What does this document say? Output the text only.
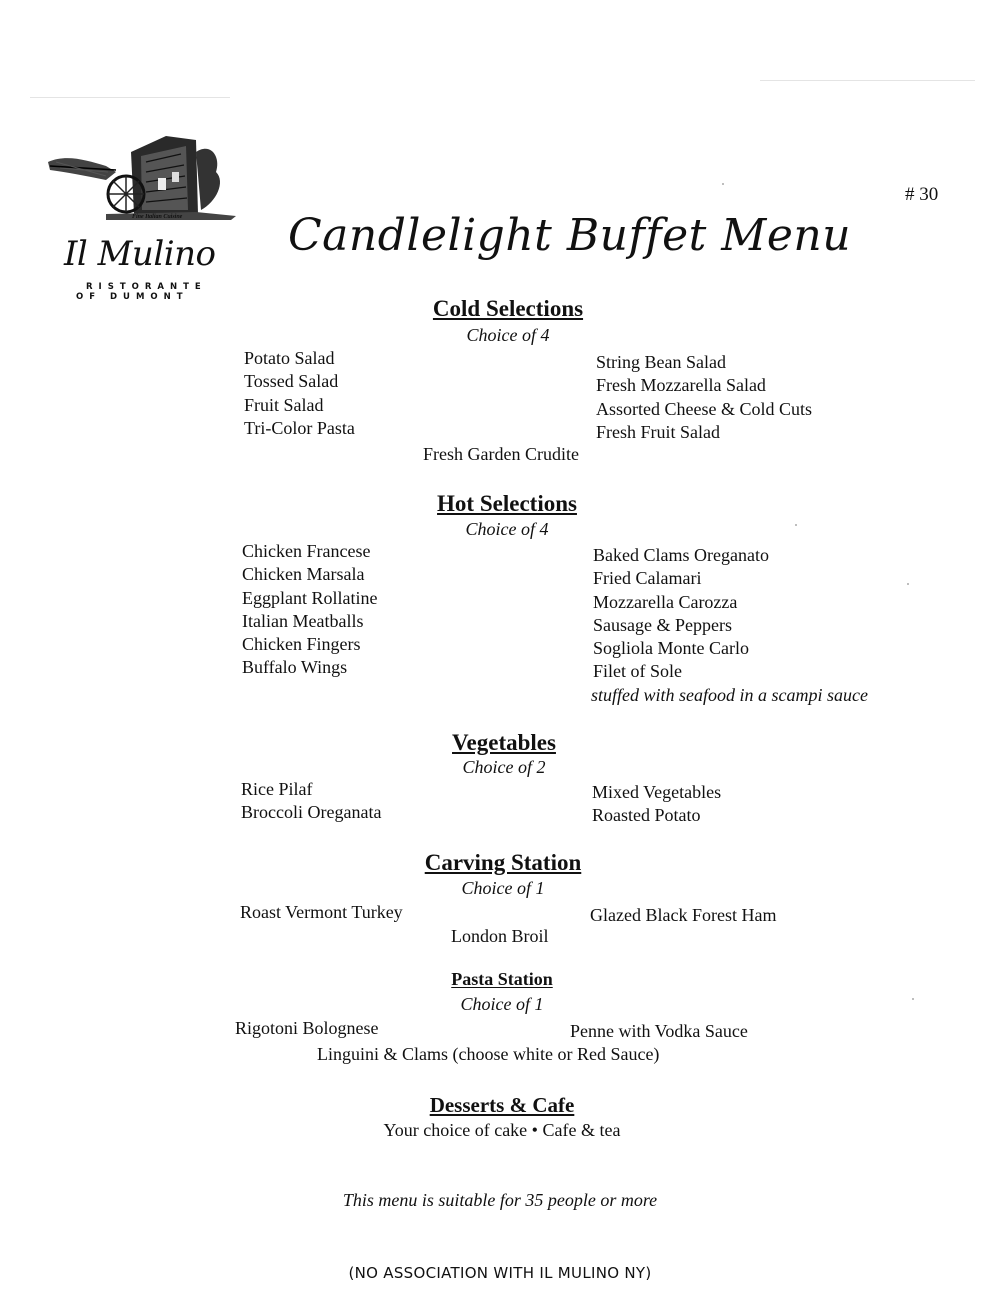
# 30
Fine Italian Cuisine
Il Mulino
RISTORANTE
OF DUMONT
Candlelight Buffet Menu
Cold Selections
Choice of 4
Potato Salad
Tossed Salad
Fruit Salad
Tri-Color Pasta
String Bean Salad
Fresh Mozzarella Salad
Assorted Cheese & Cold Cuts
Fresh Fruit Salad
Fresh Garden Crudite
Hot Selections
Choice of 4
Chicken Francese
Chicken Marsala
Eggplant Rollatine
Italian Meatballs
Chicken Fingers
Buffalo Wings
Baked Clams Oreganato
Fried Calamari
Mozzarella Carozza
Sausage & Peppers
Sogliola Monte Carlo
Filet of Sole
stuffed with seafood in a scampi sauce
Vegetables
Choice of 2
Rice Pilaf
Broccoli Oreganata
Mixed Vegetables
Roasted Potato
Carving Station
Choice of 1
Roast Vermont Turkey	Glazed Black Forest Ham
London Broil
Pasta Station
Choice of 1
Rigotoni Bolognese	Penne with Vodka Sauce
Linguini & Clams (choose white or Red Sauce)
Desserts & Cafe
Your choice of cake • Cafe & tea
This menu is suitable for 35 people or more
(NO ASSOCIATION WITH IL MULINO NY)
